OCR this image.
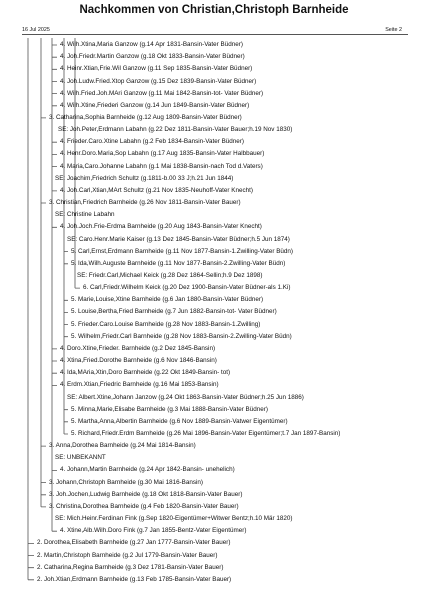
Nachkommen von Christian,Christoph Barnheide
16 Jul 2025	Seite 2
4. Wilh.Xtina,Maria Ganzow (g.14 Apr 1831-Bansin-Vater Büdner)
4. Joh.Friedr.Martin Ganzow (g.18 Okt 1833-Bansin-Vater Büdner)
4. Heinr.Xtian,Frie.Wil Ganzow (g.11 Sep 1835-Bansin-Vater Büdner)
4. Joh.Ludw.Fried.Xtop Ganzow (g.15 Dez 1839-Bansin-Vater Büdner)
4. Wilh.Fried.Joh.MAri Ganzow (g.11 Mai 1842-Bansin-tot- Vater Büdner)
4. Wilh.Xtine,Friederi Ganzow (g.14 Jun 1849-Bansin-Vater Büdner)
3. Catharina,Sophia Barnheide (g.12 Aug 1809-Bansin-Vater Büdner)
SE: Joh.Peter,Erdmann Labahn (g.22 Dez 1811-Bansin-Vater Bauer;h.19 Nov 1830)
4. Frieder.Caro.Xtine Labahn (g.2 Feb 1834-Bansin-Vater Büdner)
4. Henr.Doro.Maria,Sop Labahn (g.17 Aug 1835-Bansin-Vater Halbbauer)
4. Maria,Caro.Johanne Labahn (g.1 Mai 1838-Bansin-nach Tod d.Vaters)
SE: Joachim,Friedrich Schultz (g.1811-b.00 33 J;h.21 Jun 1844)
4. Joh.Carl,Xtian,MArt Schultz (g.21 Nov 1835-Neuhoff-Vater Knecht)
3. Christian,Friedrich Barnheide (g.26 Nov 1811-Bansin-Vater Bauer)
SE: Christine Labahn
4. Joh.Joch.Frie-Erdma Barnheide (g.20 Aug 1843-Bansin-Vater Knecht)
SE: Caro.Henr.Marie Kaiser (g.13 Dez 1845-Bansin-Vater Büdner;h.5 Jun 1874)
5. Carl,Ernst,Erdmann Barnheide (g.11 Nov 1877-Bansin-1.Zwilling-Vater Büdn)
5. Ida,Wilh.Auguste Barnheide (g.11 Nov 1877-Bansin-2.Zwilling-Vater Büdn)
SE: Friedr.Carl,Michael Keick (g.28 Dez 1864-Sellin;h.9 Dez 1898)
6. Carl,Friedr.Wilhelm Keick (g.20 Dez 1900-Bansin-Vater Büdner-als 1.Ki)
5. Marie,Louise,Xtine Barnheide (g.6 Jan 1880-Bansin-Vater Büdner)
5. Louise,Bertha,Fried Barnheide (g.7 Jun 1882-Bansin-tot- Vater Büdner)
5. Frieder.Caro.Louise Barnheide (g.28 Nov 1883-Bansin-1.Zwilling)
5. Wilhelm,Friedr.Carl Barnheide (g.28 Nov 1883-Bansin-2.Zwilling-Vater Büdn)
4. Doro.Xtine,Frieder. Barnheide (g.2 Dez 1845-Bansin)
4. Xtina,Fried.Dorothe Barnheide (g.6 Nov 1846-Bansin)
4. Ida,MAria,Xtin,Doro Barnheide (g.22 Okt 1849-Bansin- tot)
4. Erdm.Xtian,Friedric Barnheide (g.16 Mai 1853-Bansin)
SE: Albert.Xtine,Johann Janzow (g.24 Okt 1863-Bansin-Vater Büdner;h.25 Jun 1886)
5. Minna,Marie,Elisabe Barnheide (g.3 Mai 1888-Bansin-Vater Büdner)
5. Martha,Anna,Albertin Barnheide (g.6 Nov 1889-Bansin-Vatwer Eigentümer)
5. Richard,Friedr.Erdm Barnheide (g.26 Mai 1896-Bansin-Vater Eigentümer;t.7 Jan 1897-Bansin)
3. Anna,Dorothea Barnheide (g.24 Mai 1814-Bansin)
SE: UNBEKANNT
4. Johann,Martin Barnheide (g.24 Apr 1842-Bansin- unehelich)
3. Johann,Christoph Barnheide (g.30 Mai 1816-Bansin)
3. Joh.Jochen,Ludwig Barnheide (g.18 Okt 1818-Bansin-Vater Bauer)
3. Christina,Dorothea Barnheide (g.4 Feb 1820-Bansin-Vater Bauer)
SE: Mich.Heinr.Ferdinan Fink (g.Sep 1820-Eigentümer+Witwer Bentz;h.10 Mär 1820)
4. Xtine,Alb.Wilh.Doro Fink (g.7 Jan 1855-Bentz-Vater Eigentümer)
2. Dorothea,Elisabeth Barnheide (g.27 Jan 1777-Bansin-Vater Bauer)
2. Martin,Christoph Barnheide (g.2 Jul 1779-Bansin-Vater Bauer)
2. Catharina,Regina Barnheide (g.3 Dez 1781-Bansin-Vater Bauer)
2. Joh.Xtian,Erdmann Barnheide (g.13 Feb 1785-Bansin-Vater Bauer)
